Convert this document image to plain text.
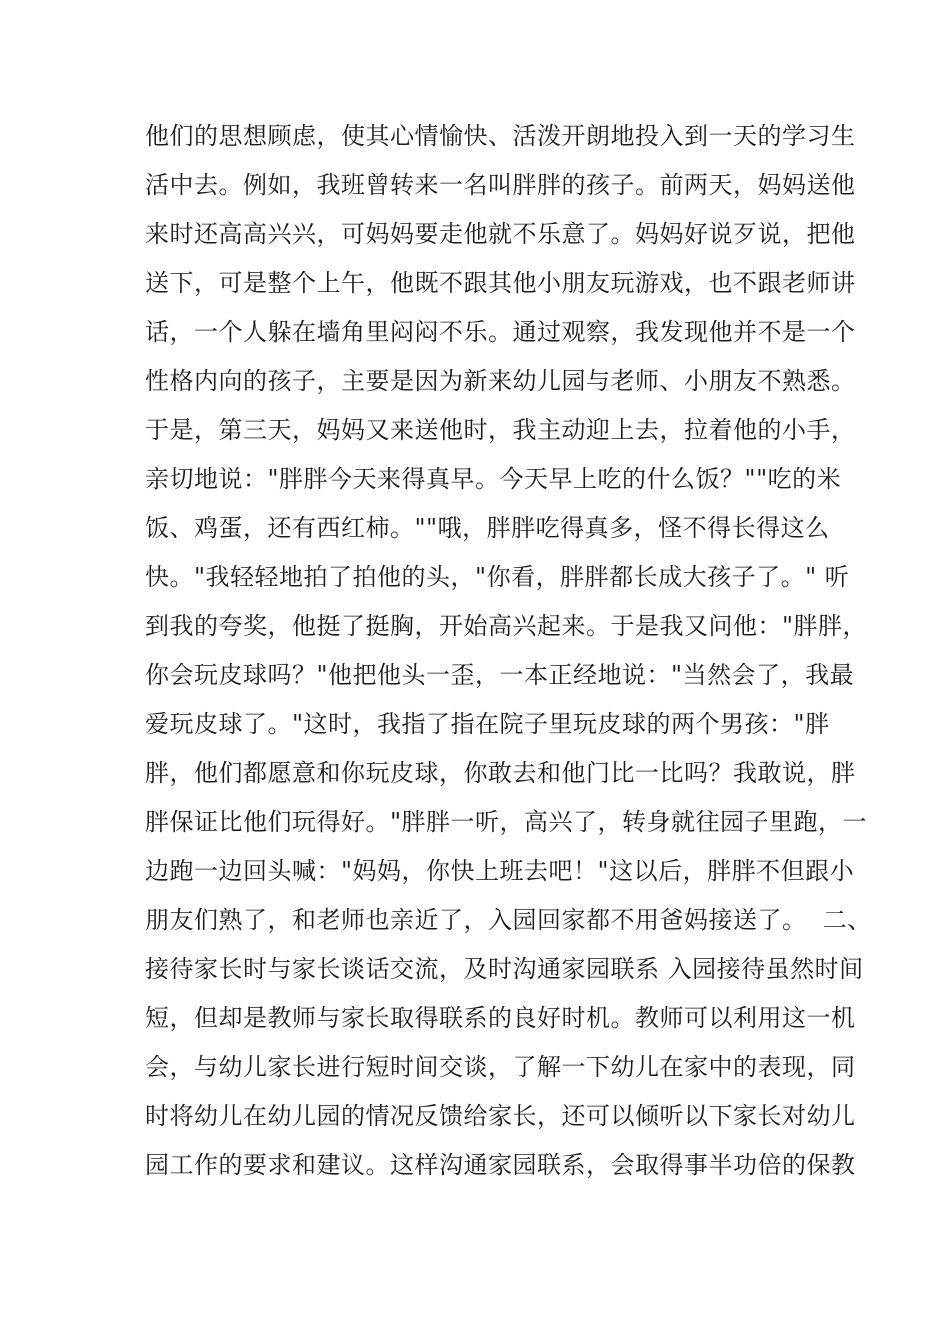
他们的思想顾虑，使其心情愉快、活泼开朗地投入到一天的学习生
活中去。例如，我班曾转来一名叫胖胖的孩子。前两天，妈妈送他
来时还高高兴兴，可妈妈要走他就不乐意了。妈妈好说歹说，把他
送下，可是整个上午，他既不跟其他小朋友玩游戏，也不跟老师讲
话，一个人躲在墙角里闷闷不乐。通过观察，我发现他并不是一个
性格内向的孩子，主要是因为新来幼儿园与老师、小朋友不熟悉。
于是，第三天，妈妈又来送他时，我主动迎上去，拉着他的小手，
亲切地说："胖胖今天来得真早。今天早上吃的什么饭？""吃的米
饭、鸡蛋，还有西红柿。""哦，胖胖吃得真多，怪不得长得这么
快。"我轻轻地拍了拍他的头，"你看，胖胖都长成大孩子了。" 听
到我的夸奖，他挺了挺胸，开始高兴起来。于是我又问他："胖胖，
你会玩皮球吗？"他把他头一歪，一本正经地说："当然会了，我最
爱玩皮球了。"这时，我指了指在院子里玩皮球的两个男孩："胖
胖，他们都愿意和你玩皮球，你敢去和他门比一比吗？我敢说，胖
胖保证比他们玩得好。"胖胖一听，高兴了，转身就往园子里跑，一
边跑一边回头喊："妈妈，你快上班去吧！"这以后，胖胖不但跟小
朋友们熟了，和老师也亲近了，入园回家都不用爸妈接送了。  二、
接待家长时与家长谈话交流，及时沟通家园联系 入园接待虽然时间
短，但却是教师与家长取得联系的良好时机。教师可以利用这一机
会，与幼儿家长进行短时间交谈，了解一下幼儿在家中的表现，同
时将幼儿在幼儿园的情况反馈给家长，还可以倾听以下家长对幼儿
园工作的要求和建议。这样沟通家园联系，会取得事半功倍的保教
